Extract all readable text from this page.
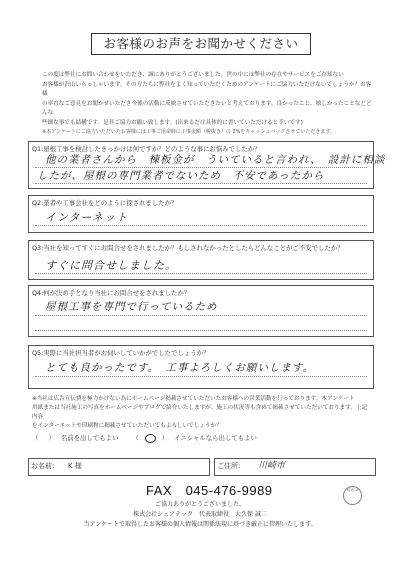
お客様のお声をお聞かせください

この度は弊社にお問い合わせをいただき、誠にありがとうございました。世の中には弊社の存在やサービスをご存知ない

お客様が沢山いらっしゃいます。その方たちに弊社をよく知っていただくためのアンケートにご協力いただけないでしょうか？お客様

の率直なご意見をお聞かせいただき今後の活動に反映させていただきたいと考えております。良かったこと、嬉しかったことなどどんな

些細な事でも結構です。是非ご協力お願い致します。(出来るだけ具体的に書いていただけると幸いです)

※本アンケートにご協力いただいたお客様には工事ご用命時に工事金額（税抜き）の 2%をキャッシュバックさせていただきます。

Q1:屋根工事を検討したきっかけは何ですか？どのような事にお悩みでしたか？
他の業者さんから　棟板金が　ういていると言われ、　設計に相談
したが、屋根の専門業者でないため　不安であったから
Q2:業者や工事会社をどのように探されましたか？
インターネット
Q3:当社を知ってすぐにお問合せをされましたか？もしされなかったとしたらどんなことがご不安でしたか？
すぐに問合せしました。
Q4:何が決め手となり当社にお問合せをされましたか？
屋根工事を専門で行っているため
Q5:実際に当社担当者がお伺いしていかがでしたでしょうか？
とても良かったです。　工事よろしくお願いします。

※当社は広告宣伝費を極力かけない為にホームページ掲載させていただいたお客様への営業活動を行っております。本アンケート

用紙または当社施工の写真をホームページやブログで紹介いたしますが、施工の状況等も含めて掲載させていただいております。上記内容

をインターネットや印刷物に掲載させていただいてもよろしいでしょうか？

（ ） 名前を出してもよい （	） イニシャルなら出してもよい
お名前: K 様	ご住所: 川崎市
FAX　045-476-9989	町田 2
ご協力ありがとうございました。
株式会社シェアテック　代表取締役　大久保 誠二
当アンケートで取得したお客様の個人情報は関係法規に基づき厳正に管理いたします。
